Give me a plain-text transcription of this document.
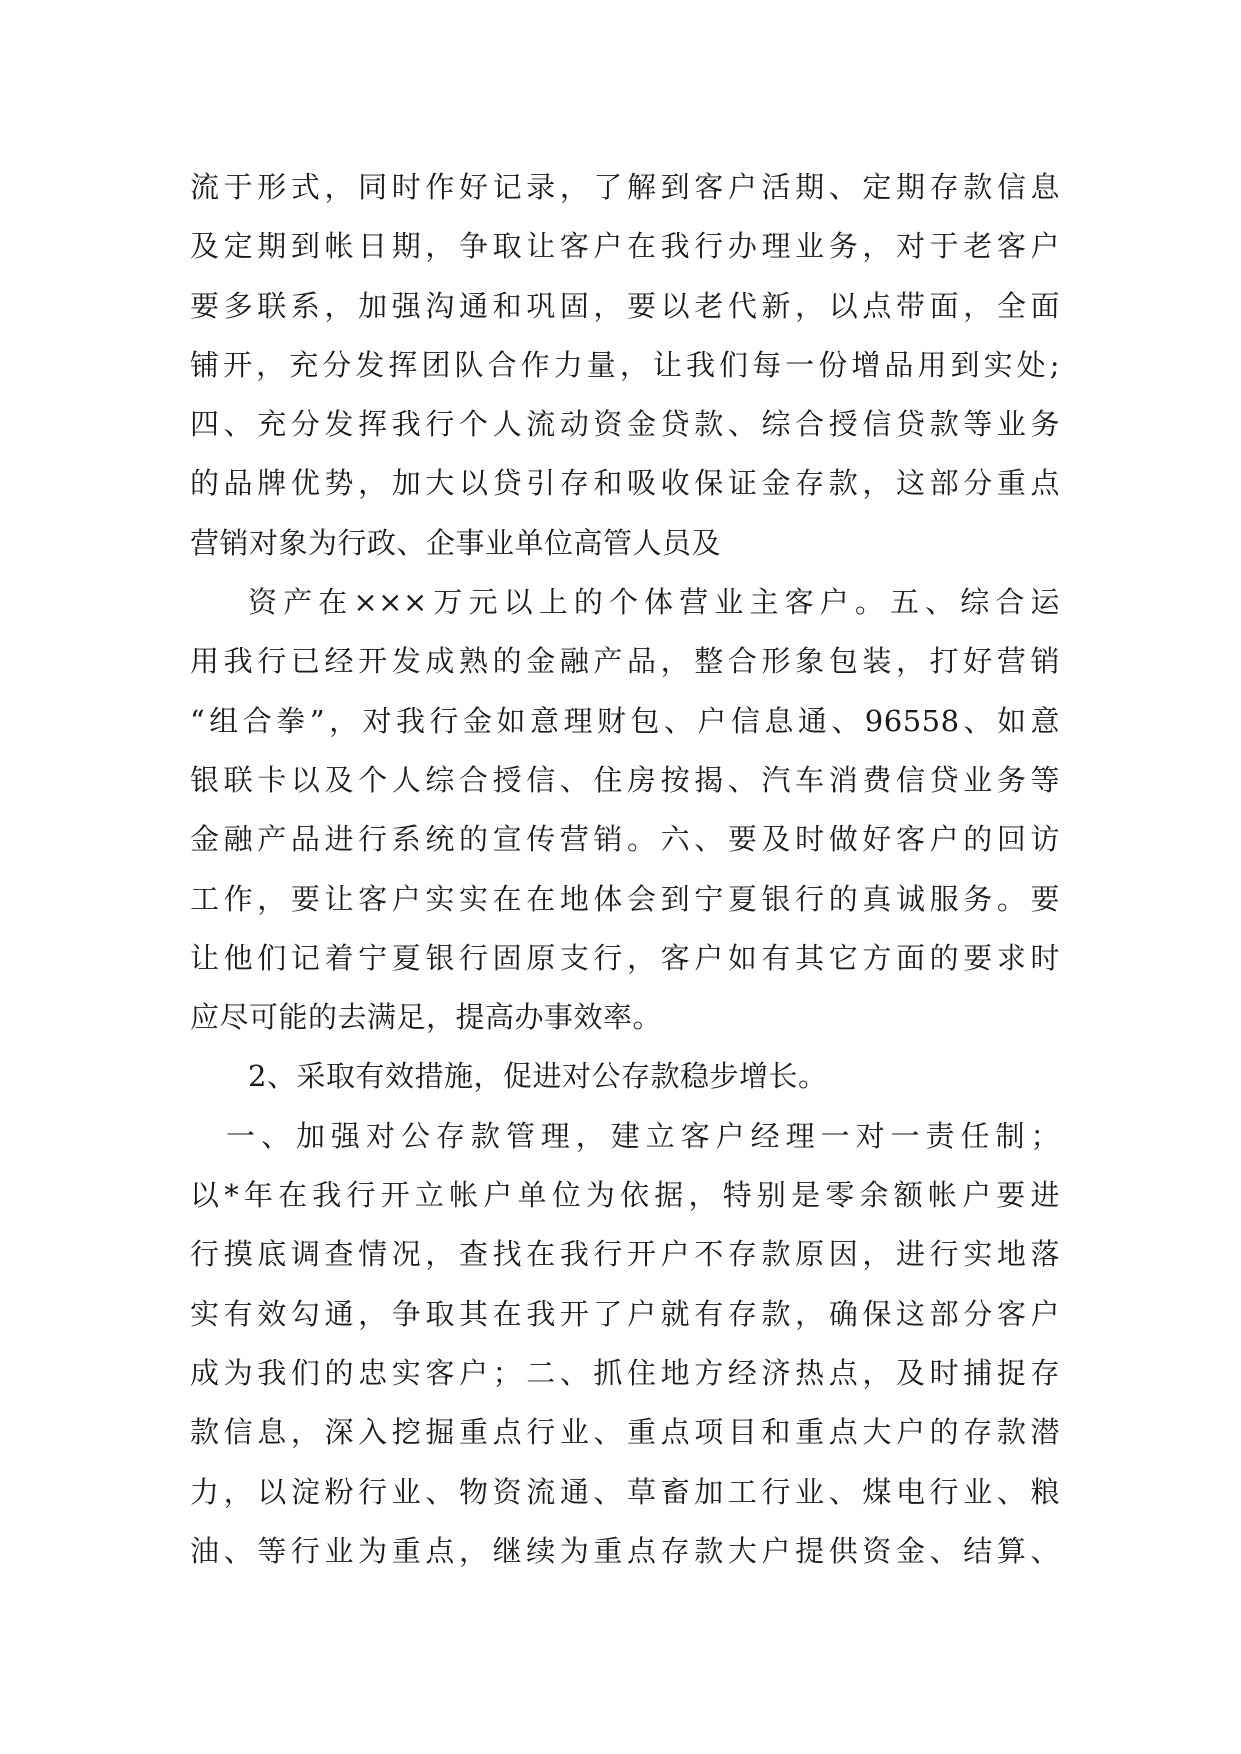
流于形式，同时作好记录，了解到客户活期、定期存款信息
及定期到帐日期，争取让客户在我行办理业务，对于老客户
要多联系，加强沟通和巩固，要以老代新，以点带面，全面
铺开，充分发挥团队合作力量，让我们每一份增品用到实处;
四、充分发挥我行个人流动资金贷款、综合授信贷款等业务
的品牌优势，加大以贷引存和吸收保证金存款，这部分重点
营销对象为行政、企事业单位高管人员及
资产在×××万元以上的个体营业主客户。五、综合运
用我行已经开发成熟的金融产品，整合形象包装，打好营销
“组合拳”，对我行金如意理财包、户信息通、96558、如意
银联卡以及个人综合授信、住房按揭、汽车消费信贷业务等
金融产品进行系统的宣传营销。六、要及时做好客户的回访
工作，要让客户实实在在地体会到宁夏银行的真诚服务。要
让他们记着宁夏银行固原支行，客户如有其它方面的要求时
应尽可能的去满足，提高办事效率。
2、采取有效措施，促进对公存款稳步增长。
一、加强对公存款管理，建立客户经理一对一责任制；
以*年在我行开立帐户单位为依据，特别是零余额帐户要进
行摸底调查情况，查找在我行开户不存款原因，进行实地落
实有效勾通，争取其在我开了户就有存款，确保这部分客户
成为我们的忠实客户；二、抓住地方经济热点，及时捕捉存
款信息，深入挖掘重点行业、重点项目和重点大户的存款潜
力，以淀粉行业、物资流通、草畜加工行业、煤电行业、粮
油、等行业为重点，继续为重点存款大户提供资金、结算、
